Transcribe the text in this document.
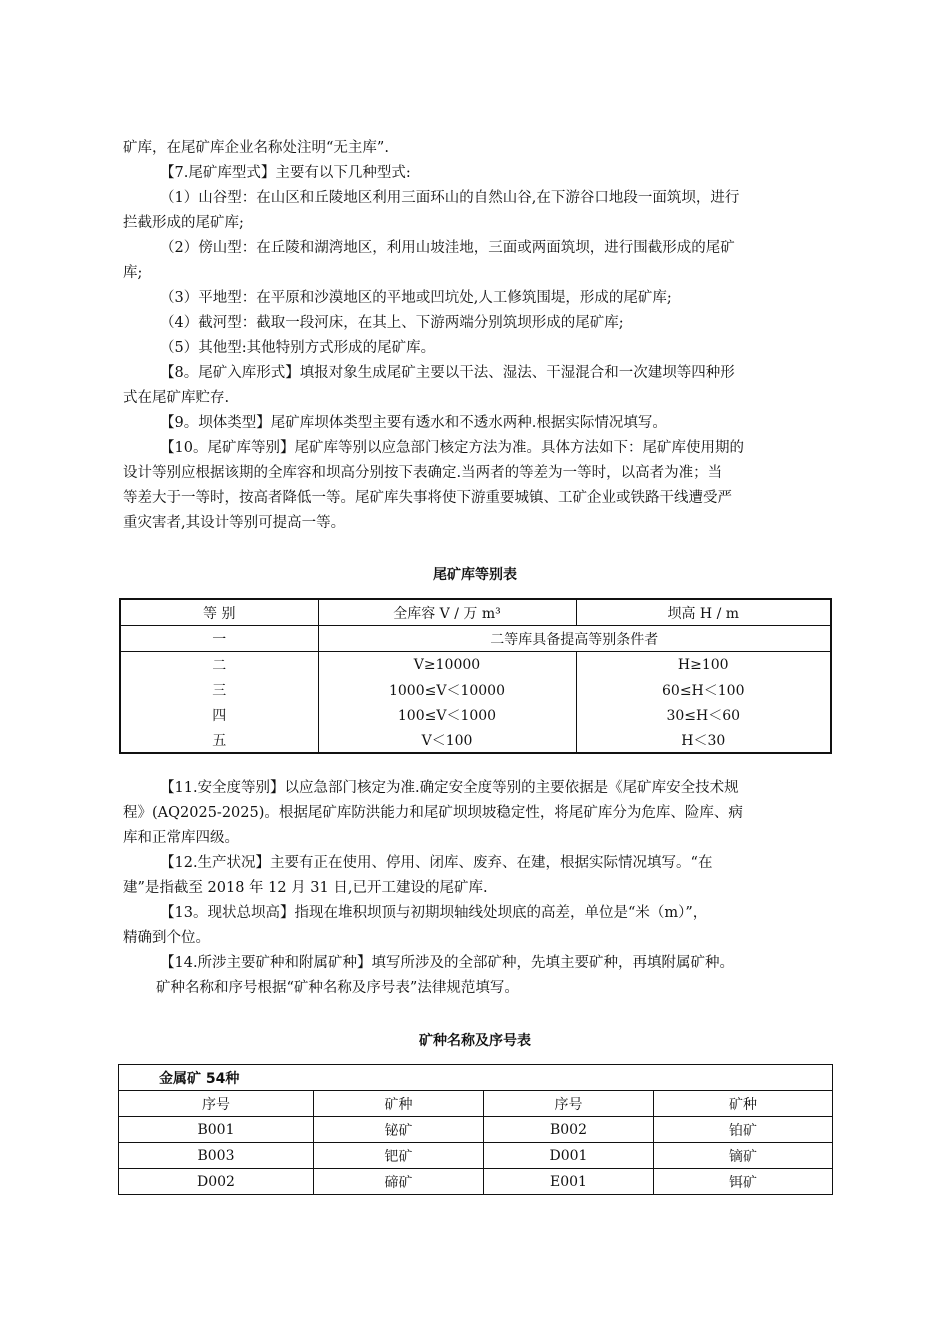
矿库，在尾矿库企业名称处注明“无主库”.

【7.尾矿库型式】主要有以下几种型式:
（1）山谷型：在山区和丘陵地区利用三面环山的自然山谷,在下游谷口地段一面筑坝，进行
拦截形成的尾矿库;
（2）傍山型：在丘陵和湖湾地区，利用山坡洼地，三面或两面筑坝，进行围截形成的尾矿
库;
（3）平地型：在平原和沙漠地区的平地或凹坑处,人工修筑围堤，形成的尾矿库;
（4）截河型：截取一段河床，在其上、下游两端分别筑坝形成的尾矿库;
（5）其他型:其他特别方式形成的尾矿库。
【8。尾矿入库形式】填报对象生成尾矿主要以干法、湿法、干湿混合和一次建坝等四种形
式在尾矿库贮存.
【9。坝体类型】尾矿库坝体类型主要有透水和不透水两种.根据实际情况填写。
【10。尾矿库等别】尾矿库等别以应急部门核定方法为准。具体方法如下：尾矿库使用期的
设计等别应根据该期的全库容和坝高分别按下表确定.当两者的等差为一等时，以高者为准；当
等差大于一等时，按高者降低一等。尾矿库失事将使下游重要城镇、工矿企业或铁路干线遭受严
重灾害者,其设计等别可提高一等。

尾矿库等别表
等 别	全库容 V / 万 m³	坝高 H / m
一	二等库具备提高等别条件者	
二	V≥10000	H≥100
三	1000≤V＜10000	60≤H＜100
四	100≤V＜1000	30≤H＜60
五	V＜100	H＜30

【11.安全度等别】以应急部门核定为准.确定安全度等别的主要依据是《尾矿库安全技术规
程》(AQ2025-2025)。根据尾矿库防洪能力和尾矿坝坝坡稳定性，将尾矿库分为危库、险库、病
库和正常库四级。
【12.生产状况】主要有正在使用、停用、闭库、废弃、在建，根据实际情况填写。“在
建”是指截至 2018 年 12 月 31 日,已开工建设的尾矿库.
【13。现状总坝高】指现在堆积坝顶与初期坝轴线处坝底的高差，单位是“米（m）”，
精确到个位。
【14.所涉主要矿种和附属矿种】填写所涉及的全部矿种，先填主要矿种，再填附属矿种。
矿种名称和序号根据“矿种名称及序号表”法律规范填写。

矿种名称及序号表
金属矿 54种			
序号	矿种	序号	矿种
B001	铋矿	B002	铂矿
B003	钯矿	D001	镝矿
D002	碲矿	E001	铒矿
